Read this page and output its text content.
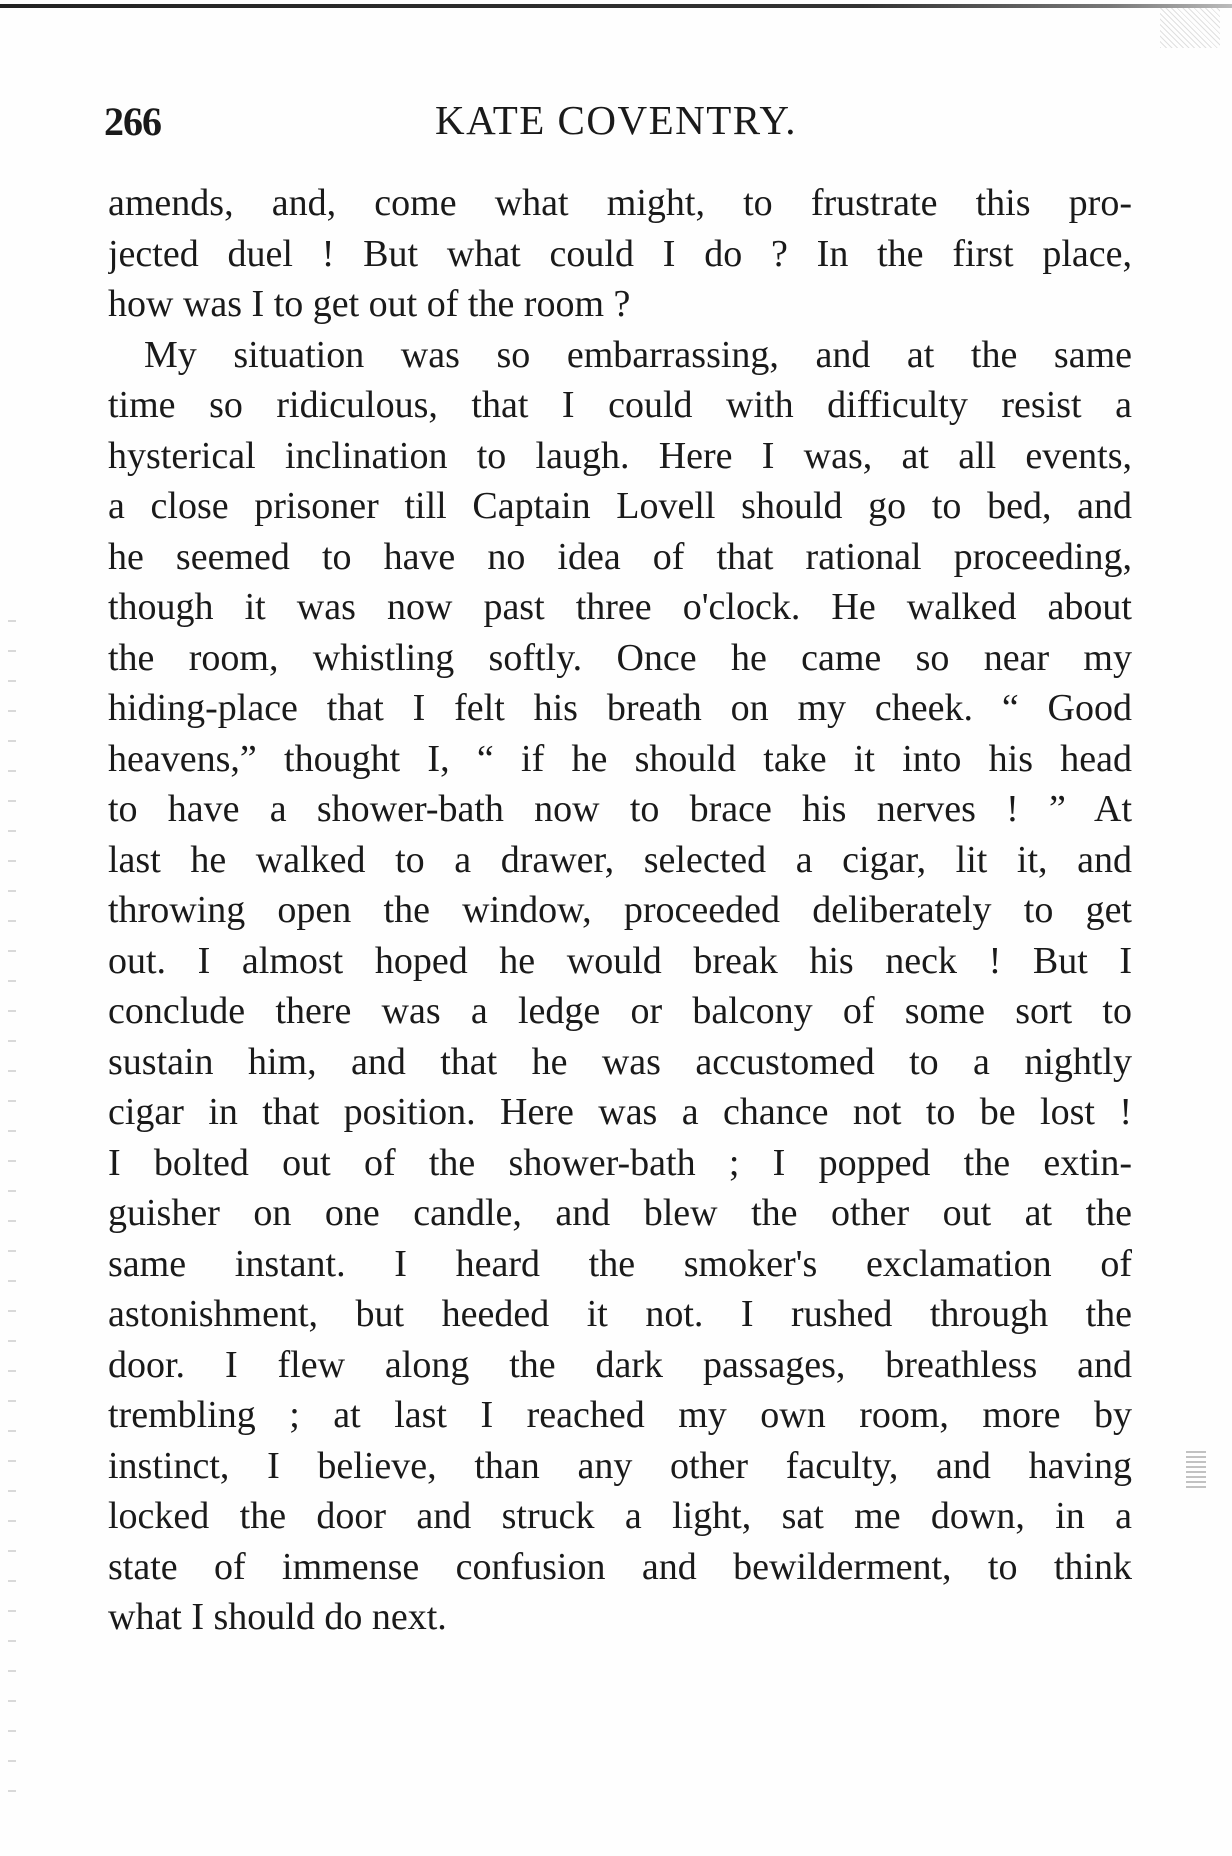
266	KATE COVENTRY.
amends, and, come what might, to frustrate this pro-
jected duel ! But what could I do ? In the first place,
how was I to get out of the room ?
My situation was so embarrassing, and at the same
time so ridiculous, that I could with difficulty resist a
hysterical inclination to laugh. Here I was, at all events,
a close prisoner till Captain Lovell should go to bed, and
he seemed to have no idea of that rational proceeding,
though it was now past three o'clock. He walked about
the room, whistling softly. Once he came so near my
hiding-place that I felt his breath on my cheek. “ Good
heavens,” thought I, “ if he should take it into his head
to have a shower-bath now to brace his nerves ! ” At
last he walked to a drawer, selected a cigar, lit it, and
throwing open the window, proceeded deliberately to get
out. I almost hoped he would break his neck ! But I
conclude there was a ledge or balcony of some sort to
sustain him, and that he was accustomed to a nightly
cigar in that position. Here was a chance not to be lost !
I bolted out of the shower-bath ; I popped the extin-
guisher on one candle, and blew the other out at the
same instant. I heard the smoker's exclamation of
astonishment, but heeded it not. I rushed through the
door. I flew along the dark passages, breathless and
trembling ; at last I reached my own room, more by
instinct, I believe, than any other faculty, and having
locked the door and struck a light, sat me down, in a
state of immense confusion and bewilderment, to think
what I should do next.
